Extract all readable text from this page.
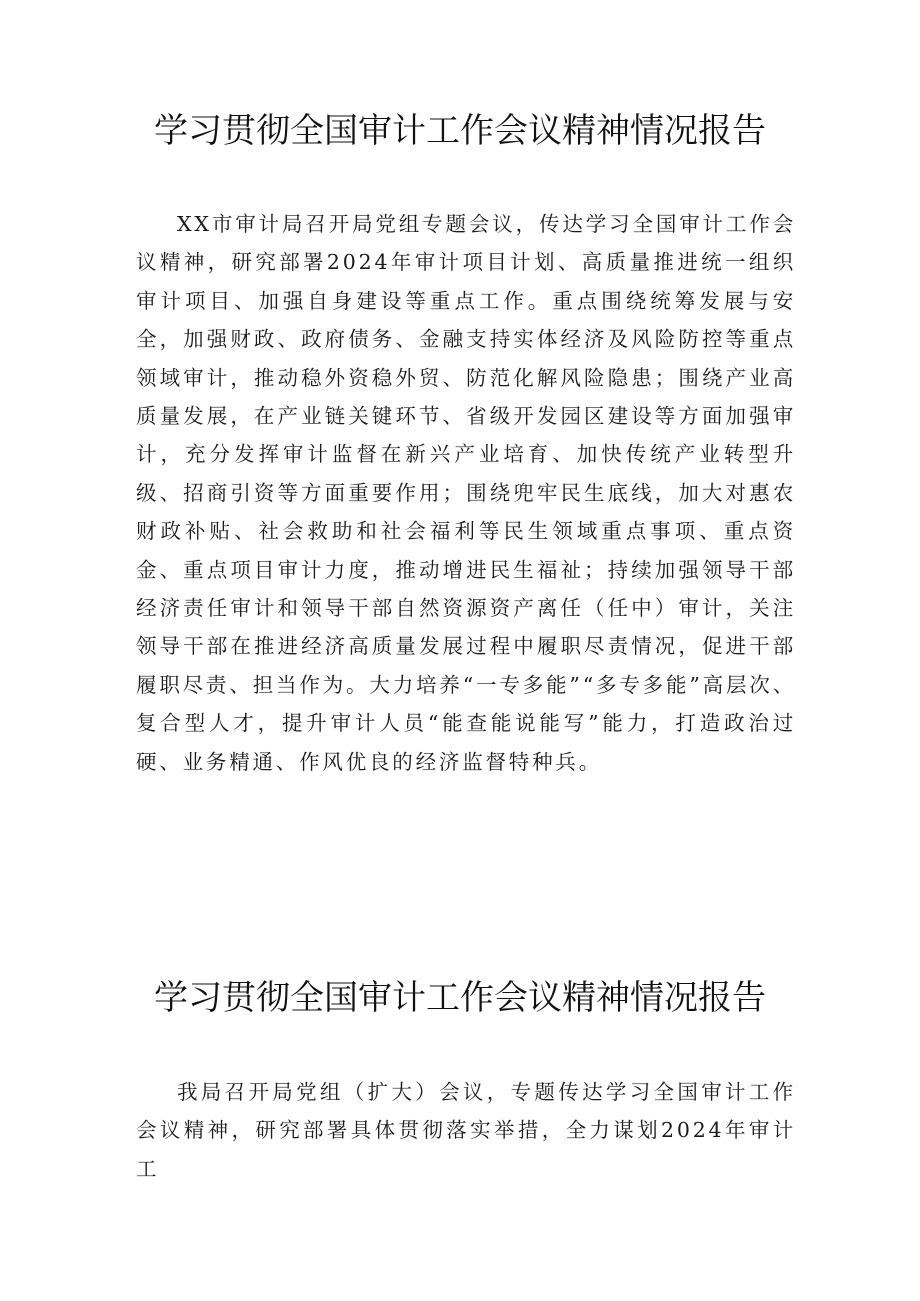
学习贯彻全国审计工作会议精神情况报告

XX市审计局召开局党组专题会议，传达学习全国审计工作会议精神，研究部署2024年审计项目计划、高质量推进统一组织审计项目、加强自身建设等重点工作。重点围绕统筹发展与安全，加强财政、政府债务、金融支持实体经济及风险防控等重点领域审计，推动稳外资稳外贸、防范化解风险隐患；围绕产业高质量发展，在产业链关键环节、省级开发园区建设等方面加强审计，充分发挥审计监督在新兴产业培育、加快传统产业转型升级、招商引资等方面重要作用；围绕兜牢民生底线，加大对惠农财政补贴、社会救助和社会福利等民生领域重点事项、重点资金、重点项目审计力度，推动增进民生福祉；持续加强领导干部经济责任审计和领导干部自然资源资产离任（任中）审计，关注领导干部在推进经济高质量发展过程中履职尽责情况，促进干部履职尽责、担当作为。大力培养“一专多能”“多专多能”高层次、复合型人才，提升审计人员“能查能说能写”能力，打造政治过硬、业务精通、作风优良的经济监督特种兵。

学习贯彻全国审计工作会议精神情况报告

我局召开局党组（扩大）会议，专题传达学习全国审计工作会议精神，研究部署具体贯彻落实举措，全力谋划2024年审计工
